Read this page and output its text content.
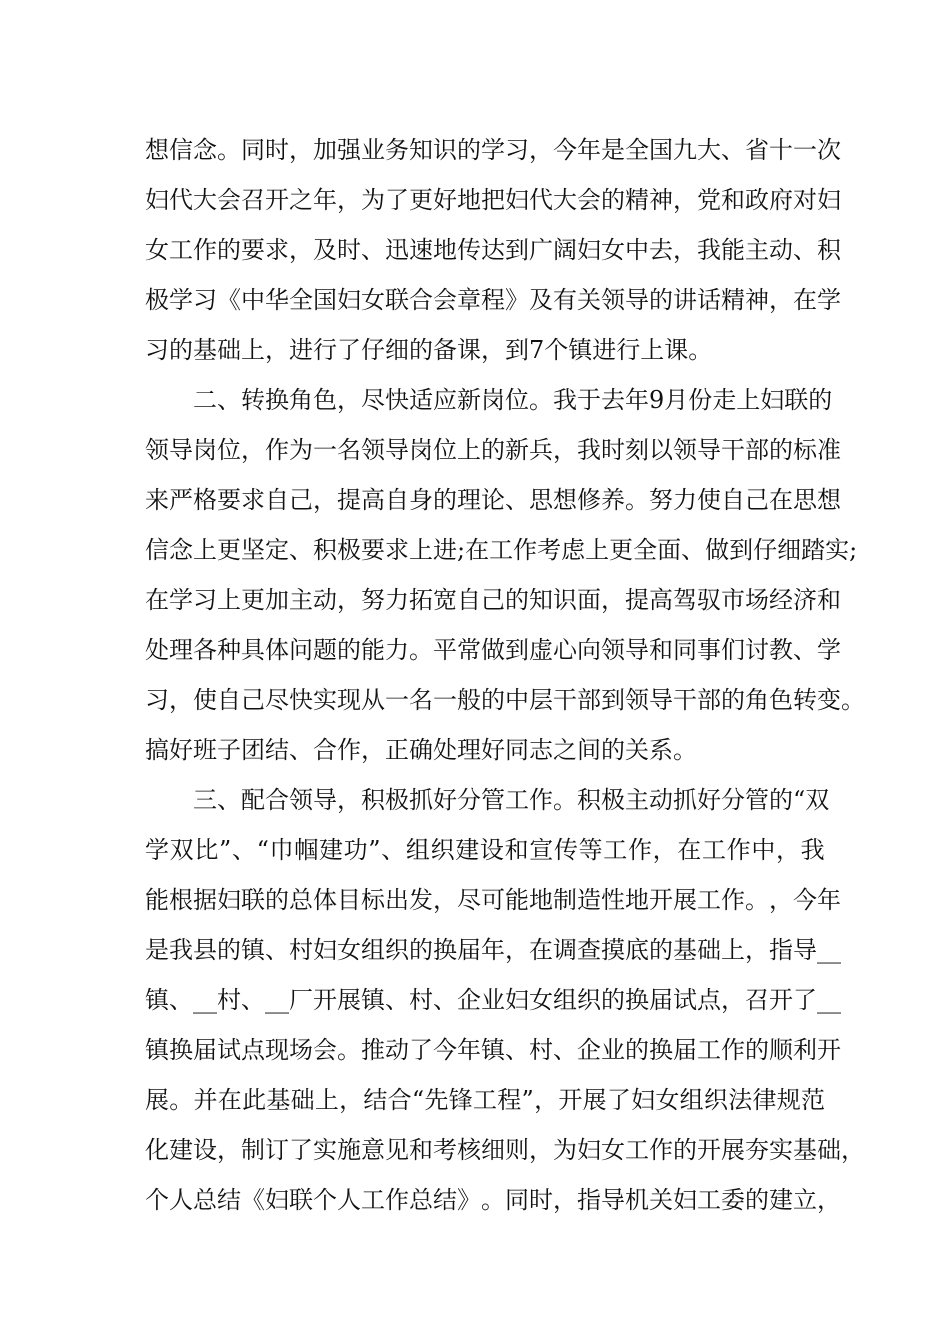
想 信 念 。 同 时 ， 加 强 业 务 知 识 的 学 习 ， 今 年 是 全 国 九 大 、 省 十 一 次
妇 代 大 会 召 开 之 年 ， 为 了 更 好 地 把 妇 代 大 会 的 精 神 ， 党 和 政 府 对 妇
女 工 作 的 要 求 ， 及 时 、 迅 速 地 传 达 到 广 阔 妇 女 中 去 ， 我 能 主 动 、 积
极 学 习 《 中 华 全 国 妇 女 联 合 会 章 程 》 及 有 关 领 导 的 讲 话 精 神 ， 在 学
习的基础上，进行了仔细的备课，到7个镇进行上课。
二 、 转 换 角 色 ， 尽 快 适 应 新 岗 位 。 我 于 去 年 9 月 份 走 上 妇 联 的
领 导 岗 位 ， 作 为 一 名 领 导 岗 位 上 的 新 兵 ， 我 时 刻 以 领 导 干 部 的 标 准
来 严 格 要 求 自 己 ， 提 高 自 身 的 理 论 、 思 想 修 养 。 努 力 使 自 己 在 思 想
信 念 上 更 坚 定 、 积 极 要 求 上 进 ; 在 工 作 考 虑 上 更 全 面 、 做 到 仔 细 踏 实 ;
在 学 习 上 更 加 主 动 ， 努 力 拓 宽 自 己 的 知 识 面 ， 提 高 驾 驭 市 场 经 济 和
处 理 各 种 具 体 问 题 的 能 力 。 平 常 做 到 虚 心 向 领 导 和 同 事 们 讨 教 、 学
习 ， 使 自 己 尽 快 实 现 从 一 名 一 般 的 中 层 干 部 到 领 导 干 部 的 角 色 转 变 。
搞好班子团结、合作，正确处理好同志之间的关系。
三 、 配 合 领 导 ， 积 极 抓 好 分 管 工 作 。 积 极 主 动 抓 好 分 管 的 “ 双
学 双 比 ” 、 “ 巾 帼 建 功 ” 、 组 织 建 设 和 宣 传 等 工 作 ， 在 工 作 中 ， 我
能 根 据 妇 联 的 总 体 目 标 出 发 ， 尽 可 能 地 制 造 性 地 开 展 工 作 。 ， 今 年
是 我 县 的 镇 、 村 妇 女 组 织 的 换 届 年 ， 在 调 查 摸 底 的 基 础 上 ， 指 导 _ _
镇 、 _ _ 村 、 _ _ 厂 开 展 镇 、 村 、 企 业 妇 女 组 织 的 换 届 试 点 ， 召 开 了 _ _
镇 换 届 试 点 现 场 会 。 推 动 了 今 年 镇 、 村 、 企 业 的 换 届 工 作 的 顺 利 开
展 。 并 在 此 基 础 上 ， 结 合 “ 先 锋 工 程 ” ， 开 展 了 妇 女 组 织 法 律 规 范
化 建 设 ， 制 订 了 实 施 意 见 和 考 核 细 则 ， 为 妇 女 工 作 的 开 展 夯 实 基 础 ，
个 人 总 结 《 妇 联 个 人 工 作 总 结 》 。 同 时 ， 指 导 机 关 妇 工 委 的 建 立 ，
